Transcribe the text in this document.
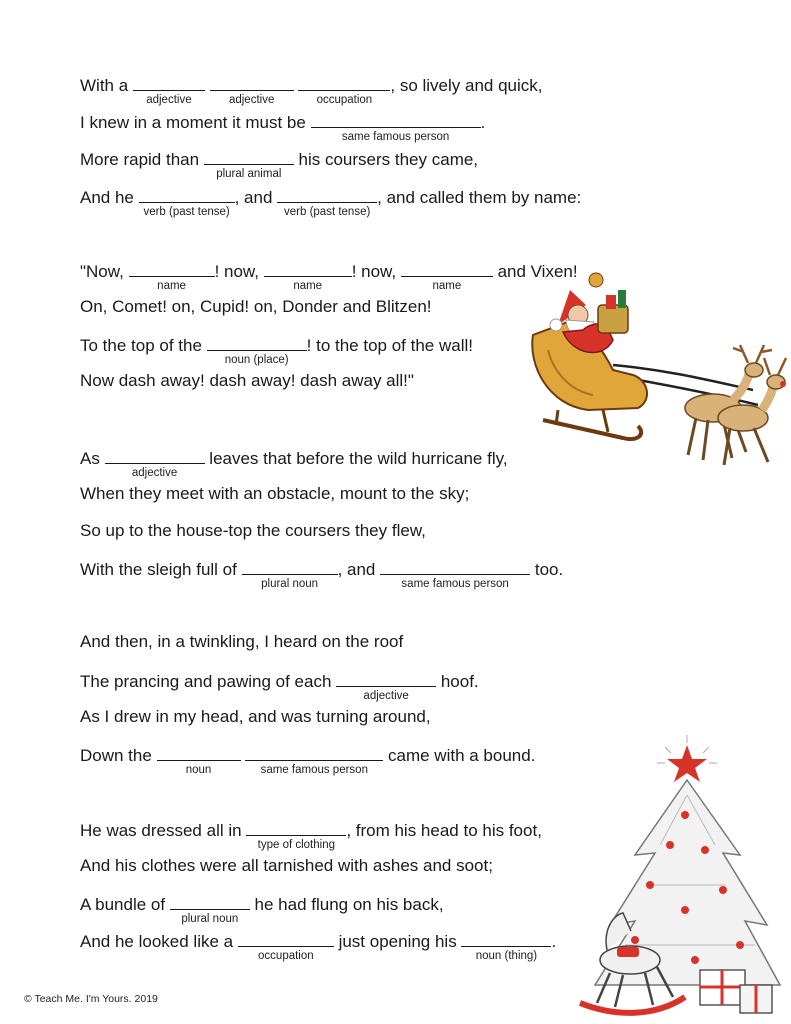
With a
adjective
	adjective
	occupation
, so lively and quick,
I knew in a moment it must be
same famous person
.
More rapid than
plural animal
his coursers they came,
And he
verb (past tense)
, and
verb (past tense)
, and called them by name:
"Now,
name
! now,
name
! now,
name
and Vixen!
On, Comet! on, Cupid! on, Donder and Blitzen!
To the top of the
noun (place)
! to the top of the wall!
Now dash away! dash away! dash away all!"
As
adjective
leaves that before the wild hurricane fly,
When they meet with an obstacle, mount to the sky;
So up to the house-top the coursers they flew,
With the sleigh full of
plural noun
, and
same famous person
too.
And then, in a twinkling, I heard on the roof
The prancing and pawing of each
adjective
hoof.
As I drew in my head, and was turning around,
Down the
noun
	same famous person
came with a bound.
He was dressed all in
type of clothing
, from his head to his foot,
And his clothes were all tarnished with ashes and soot;
A bundle of
plural noun
he had flung on his back,
And he looked like a
occupation
just opening his
noun (thing)
.
© Teach Me. I'm Yours. 2019
